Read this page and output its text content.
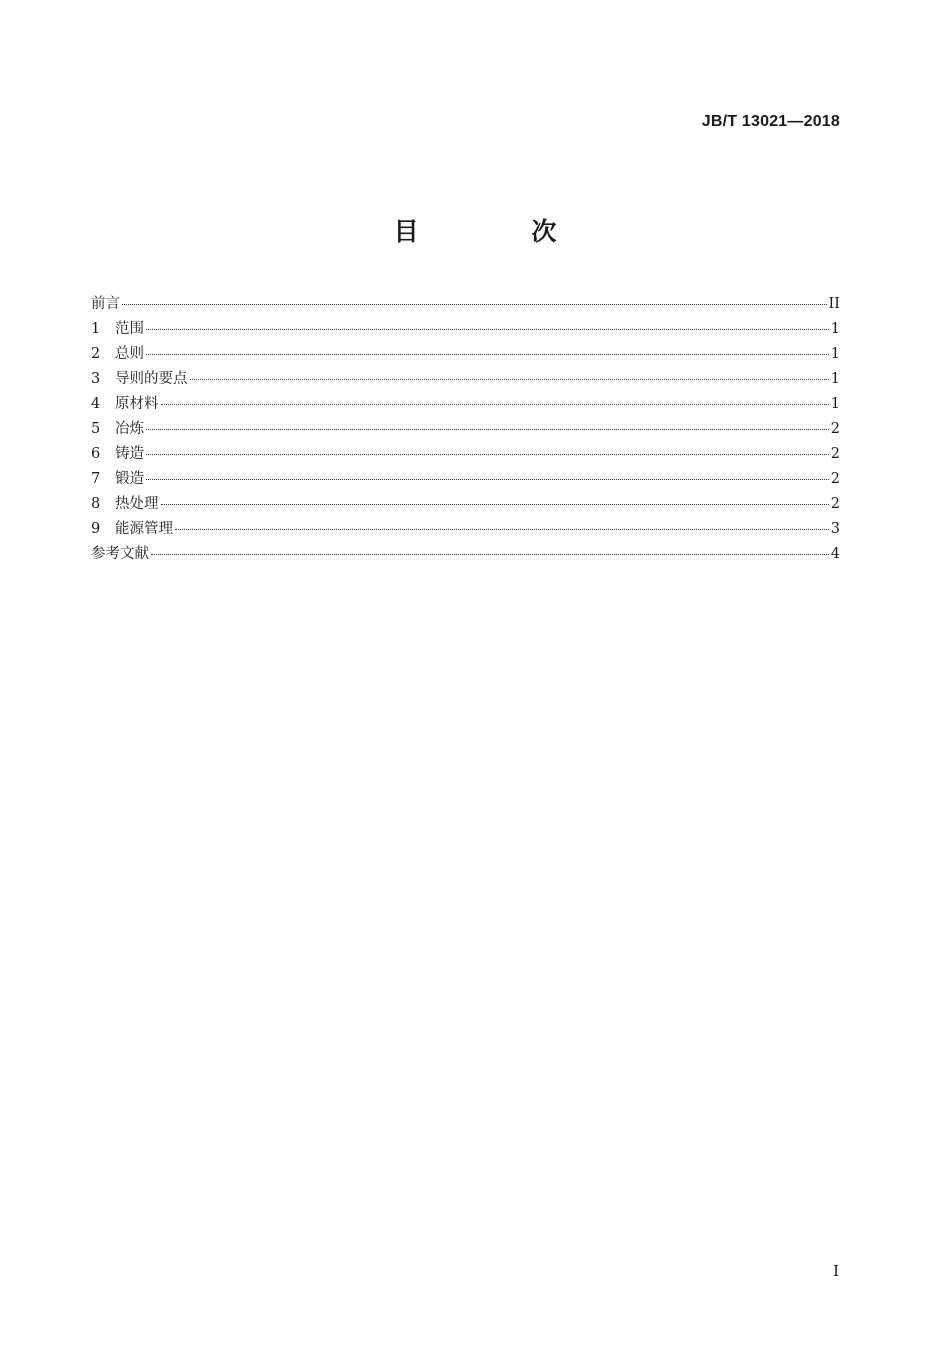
JB/T 13021—2018
目 次
前言	II
1	范围	1
2	总则	1
3	导则的要点	1
4	原材料	1
5	冶炼	2
6	铸造	2
7	锻造	2
8	热处理	2
9	能源管理	3
参考文献	4
I
